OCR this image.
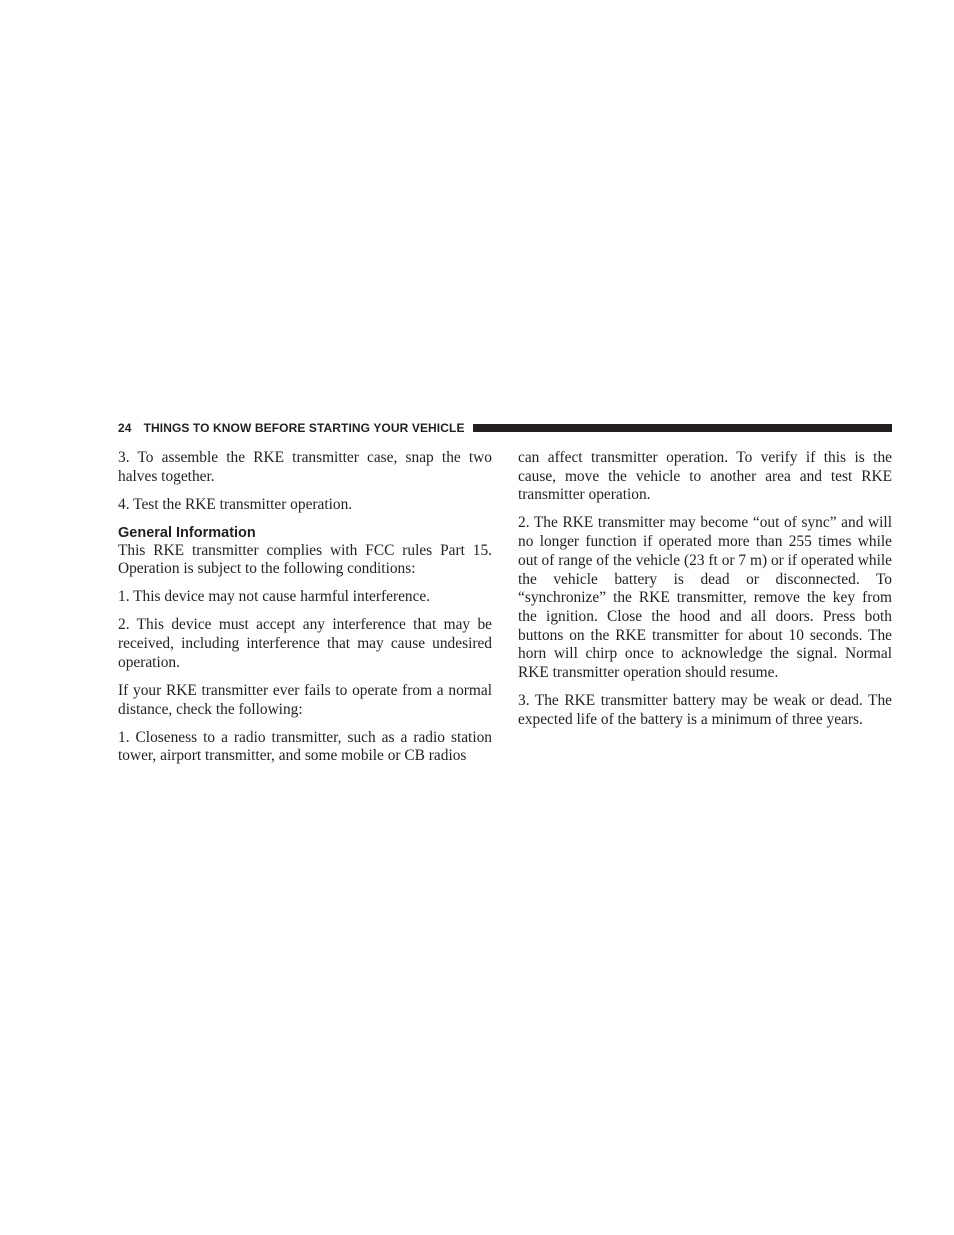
24 THINGS TO KNOW BEFORE STARTING YOUR VEHICLE

3. To assemble the RKE transmitter case, snap the two halves together.

4. Test the RKE transmitter operation.

General Information

This RKE transmitter complies with FCC rules Part 15. Operation is subject to the following conditions:

1. This device may not cause harmful interference.

2. This device must accept any interference that may be received, including interference that may cause undesired operation.

If your RKE transmitter ever fails to operate from a normal distance, check the following:

1. Closeness to a radio transmitter, such as a radio station tower, airport transmitter, and some mobile or CB radios

can affect transmitter operation. To verify if this is the cause, move the vehicle to another area and test RKE transmitter operation.

2. The RKE transmitter may become “out of sync” and will no longer function if operated more than 255 times while out of range of the vehicle (23 ft or 7 m) or if operated while the vehicle battery is dead or disconnected. To “synchronize” the RKE transmitter, remove the key from the ignition. Close the hood and all doors. Press both buttons on the RKE transmitter for about 10 seconds. The horn will chirp once to acknowledge the signal. Normal RKE transmitter operation should resume.

3. The RKE transmitter battery may be weak or dead. The expected life of the battery is a minimum of three years.
